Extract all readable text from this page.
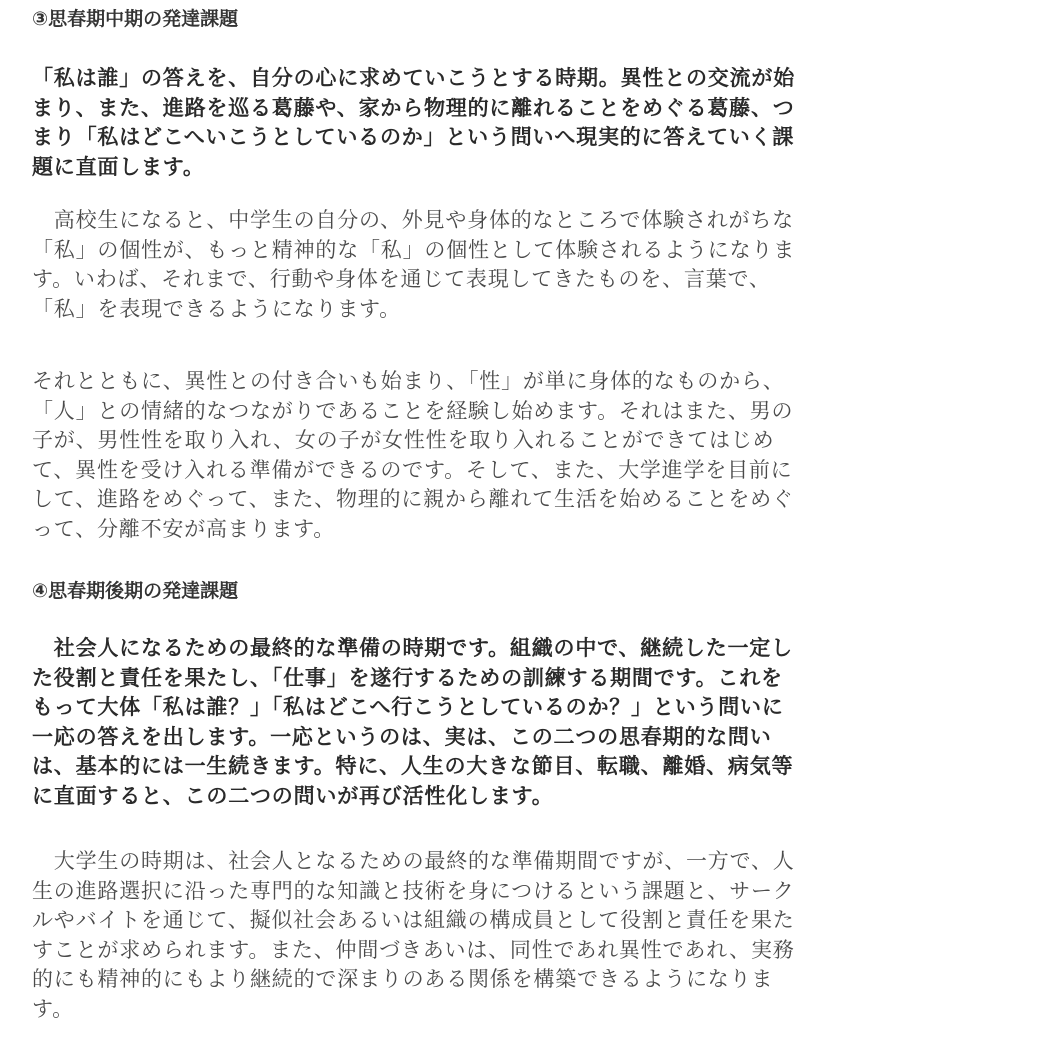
③思春期中期の発達課題
「私は誰」の答えを、自分の心に求めていこうとする時期。異性との交流が始
まり、また、進路を巡る葛藤や、家から物理的に離れることをめぐる葛藤、つ
まり「私はどこへいこうとしているのか」という問いへ現実的に答えていく課
題に直面します。
　高校生になると、中学生の自分の、外見や身体的なところで体験されがちな
「私」の個性が、もっと精神的な「私」の個性として体験されるようになりま
す。いわば、それまで、行動や身体を通じて表現してきたものを、言葉で、
「私」を表現できるようになります。
それとともに、異性との付き合いも始まり、「性」が単に身体的なものから、
「人」との情緒的なつながりであることを経験し始めます。それはまた、男の
子が、男性性を取り入れ、女の子が女性性を取り入れることができてはじめ
て、異性を受け入れる準備ができるのです。そして、また、大学進学を目前に
して、進路をめぐって、また、物理的に親から離れて生活を始めることをめぐ
って、分離不安が高まります。
④思春期後期の発達課題
　社会人になるための最終的な準備の時期です。組織の中で、継続した一定し
た役割と責任を果たし、「仕事」を遂行するための訓練する期間です。これを
もって大体「私は誰？」「私はどこへ行こうとしているのか？」という問いに
一応の答えを出します。一応というのは、実は、この二つの思春期的な問い
は、基本的には一生続きます。特に、人生の大きな節目、転職、離婚、病気等
に直面すると、この二つの問いが再び活性化します。
　大学生の時期は、社会人となるための最終的な準備期間ですが、一方で、人
生の進路選択に沿った専門的な知識と技術を身につけるという課題と、サーク
ルやバイトを通じて、擬似社会あるいは組織の構成員として役割と責任を果た
すことが求められます。また、仲間づきあいは、同性であれ異性であれ、実務
的にも精神的にもより継続的で深まりのある関係を構築できるようになりま
す。
